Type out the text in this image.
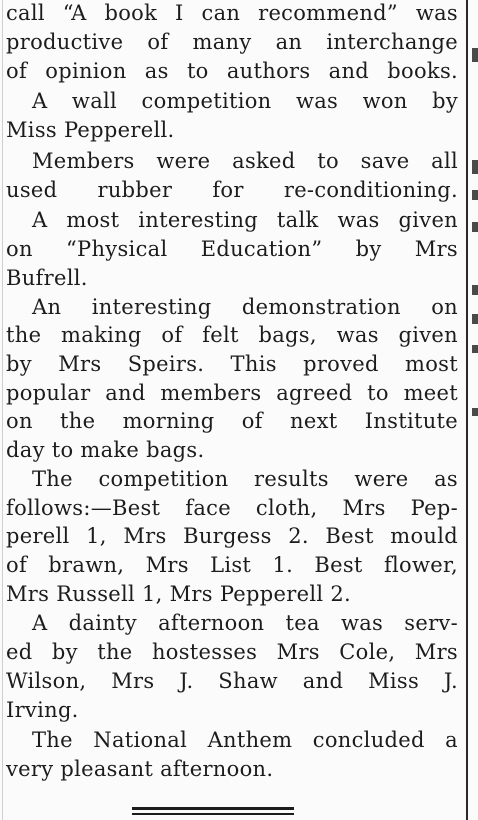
call “A book I can recommend” was
productive of many an interchange
of opinion as to authors and books.
A wall competition was won by
Miss Pepperell.
Members were asked to save all
used rubber for re-conditioning.
A most interesting talk was given
on “Physical Education” by Mrs
Bufrell.
An interesting demonstration on
the making of felt bags, was given
by Mrs Speirs. This proved most
popular and members agreed to meet
on the morning of next Institute
day to make bags.
The competition results were as
follows:—Best face cloth, Mrs Pep-
perell 1, Mrs Burgess 2. Best mould
of brawn, Mrs List 1. Best flower,
Mrs Russell 1, Mrs Pepperell 2.
A dainty afternoon tea was serv-
ed by the hostesses Mrs Cole, Mrs
Wilson, Mrs J. Shaw and Miss J.
Irving.
The National Anthem concluded a
very pleasant afternoon.
